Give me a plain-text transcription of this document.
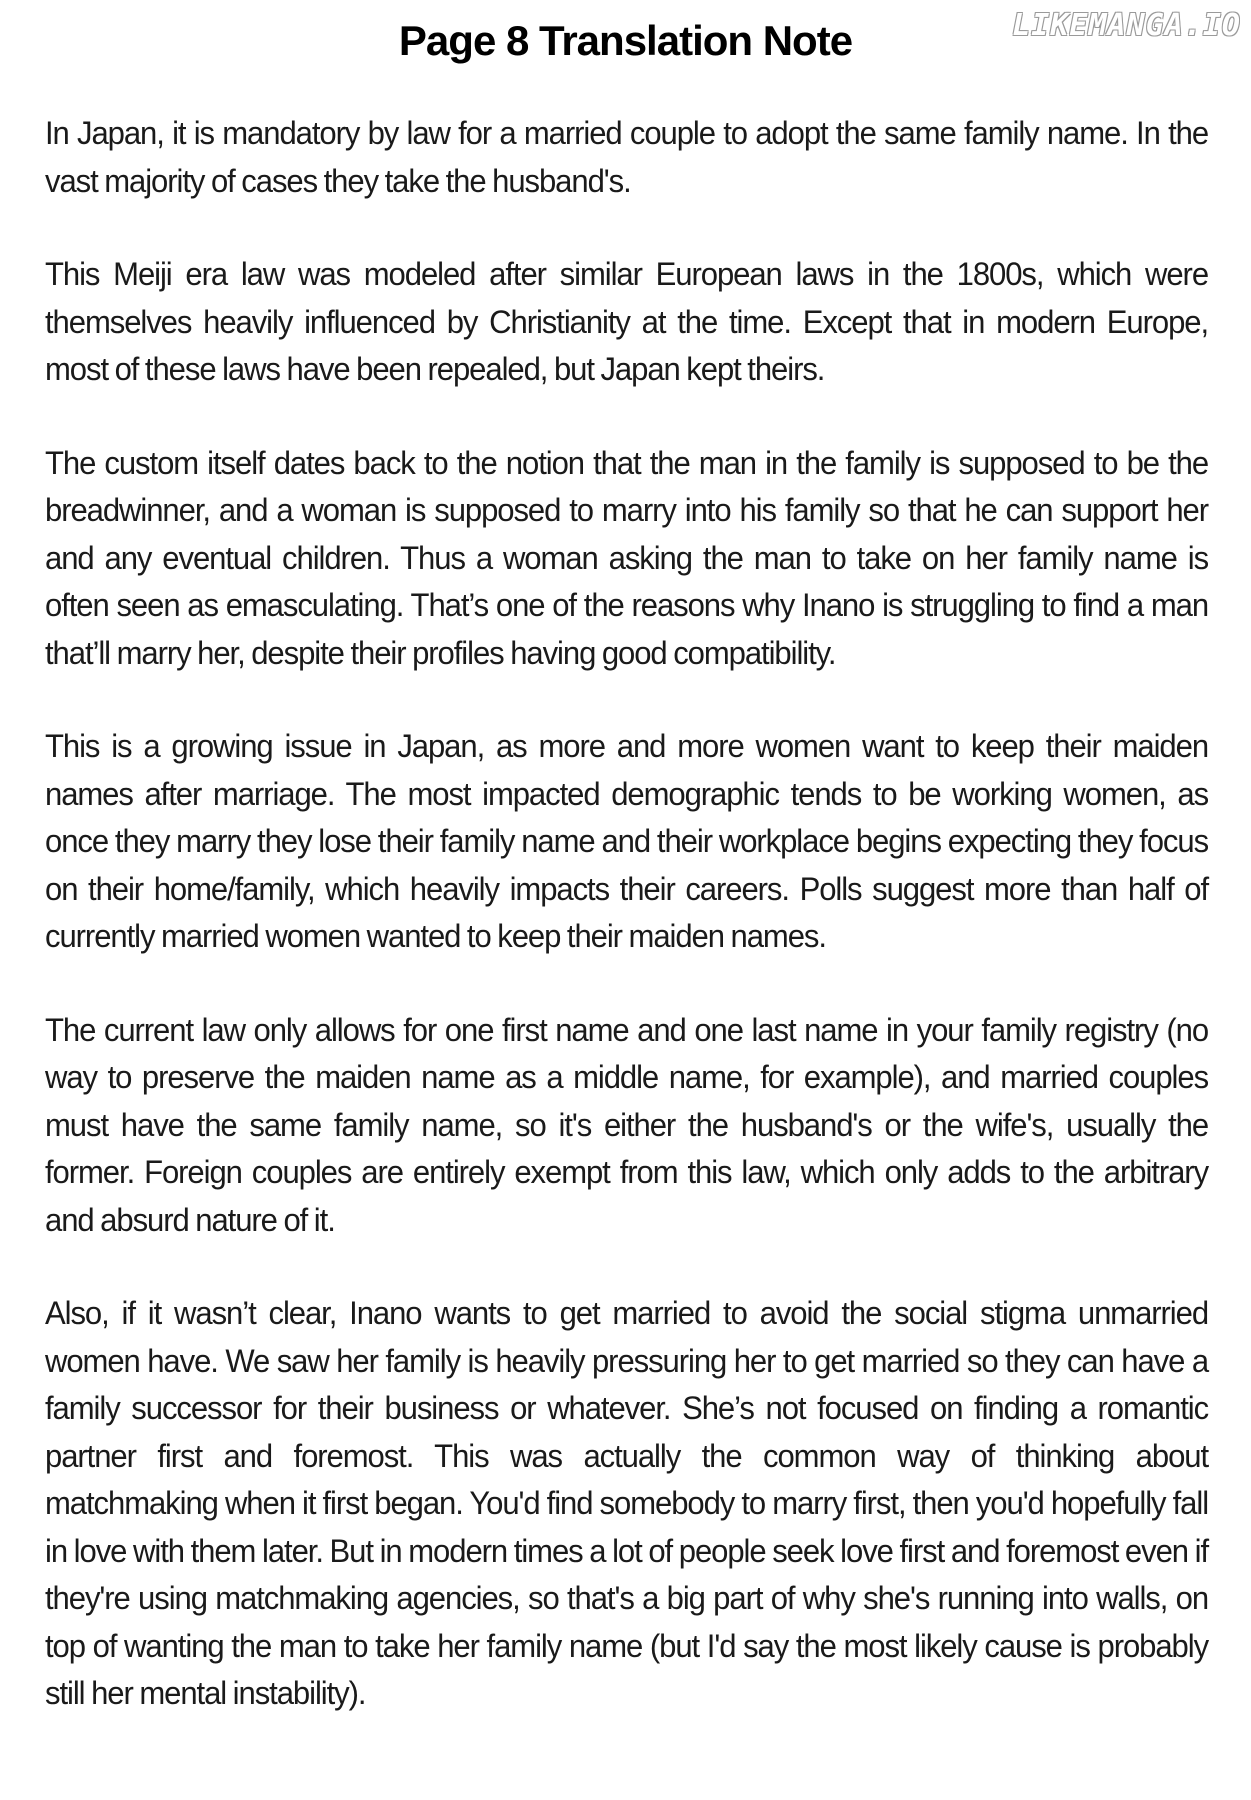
LIKEMANGA.IO
Page 8 Translation Note

In Japan, it is mandatory by law for a married couple to adopt the same family name. In the vast majority of cases they take the husband's.

This Meiji era law was modeled after similar European laws in the 1800s, which were themselves heavily influenced by Christianity at the time. Except that in modern Europe, most of these laws have been repealed, but Japan kept theirs.

The custom itself dates back to the notion that the man in the family is supposed to be the breadwinner, and a woman is supposed to marry into his family so that he can support her and any eventual children. Thus a woman asking the man to take on her family name is often seen as emasculating. That’s one of the reasons why Inano is struggling to find a man that’ll marry her, despite their profiles having good compatibility.

This is a growing issue in Japan, as more and more women want to keep their maiden names after marriage. The most impacted demographic tends to be working women, as once they marry they lose their family name and their workplace begins expecting they focus on their home/family, which heavily impacts their careers. Polls suggest more than half of currently married women wanted to keep their maiden names.

The current law only allows for one first name and one last name in your family registry (no way to preserve the maiden name as a middle name, for example), and married couples must have the same family name, so it's either the husband's or the wife's, usually the former. Foreign couples are entirely exempt from this law, which only adds to the arbitrary and absurd nature of it.

Also, if it wasn’t clear, Inano wants to get married to avoid the social stigma unmarried women have. We saw her family is heavily pressuring her to get married so they can have a family successor for their business or whatever. She’s not focused on finding a romantic partner first and foremost. This was actually the common way of thinking about matchmaking when it first began. You'd find somebody to marry first, then you'd hopefully fall in love with them later. But in modern times a lot of people seek love first and foremost even if they're using matchmaking agencies, so that's a big part of why she's running into walls, on top of wanting the man to take her family name (but I'd say the most likely cause is probably still her mental instability).
